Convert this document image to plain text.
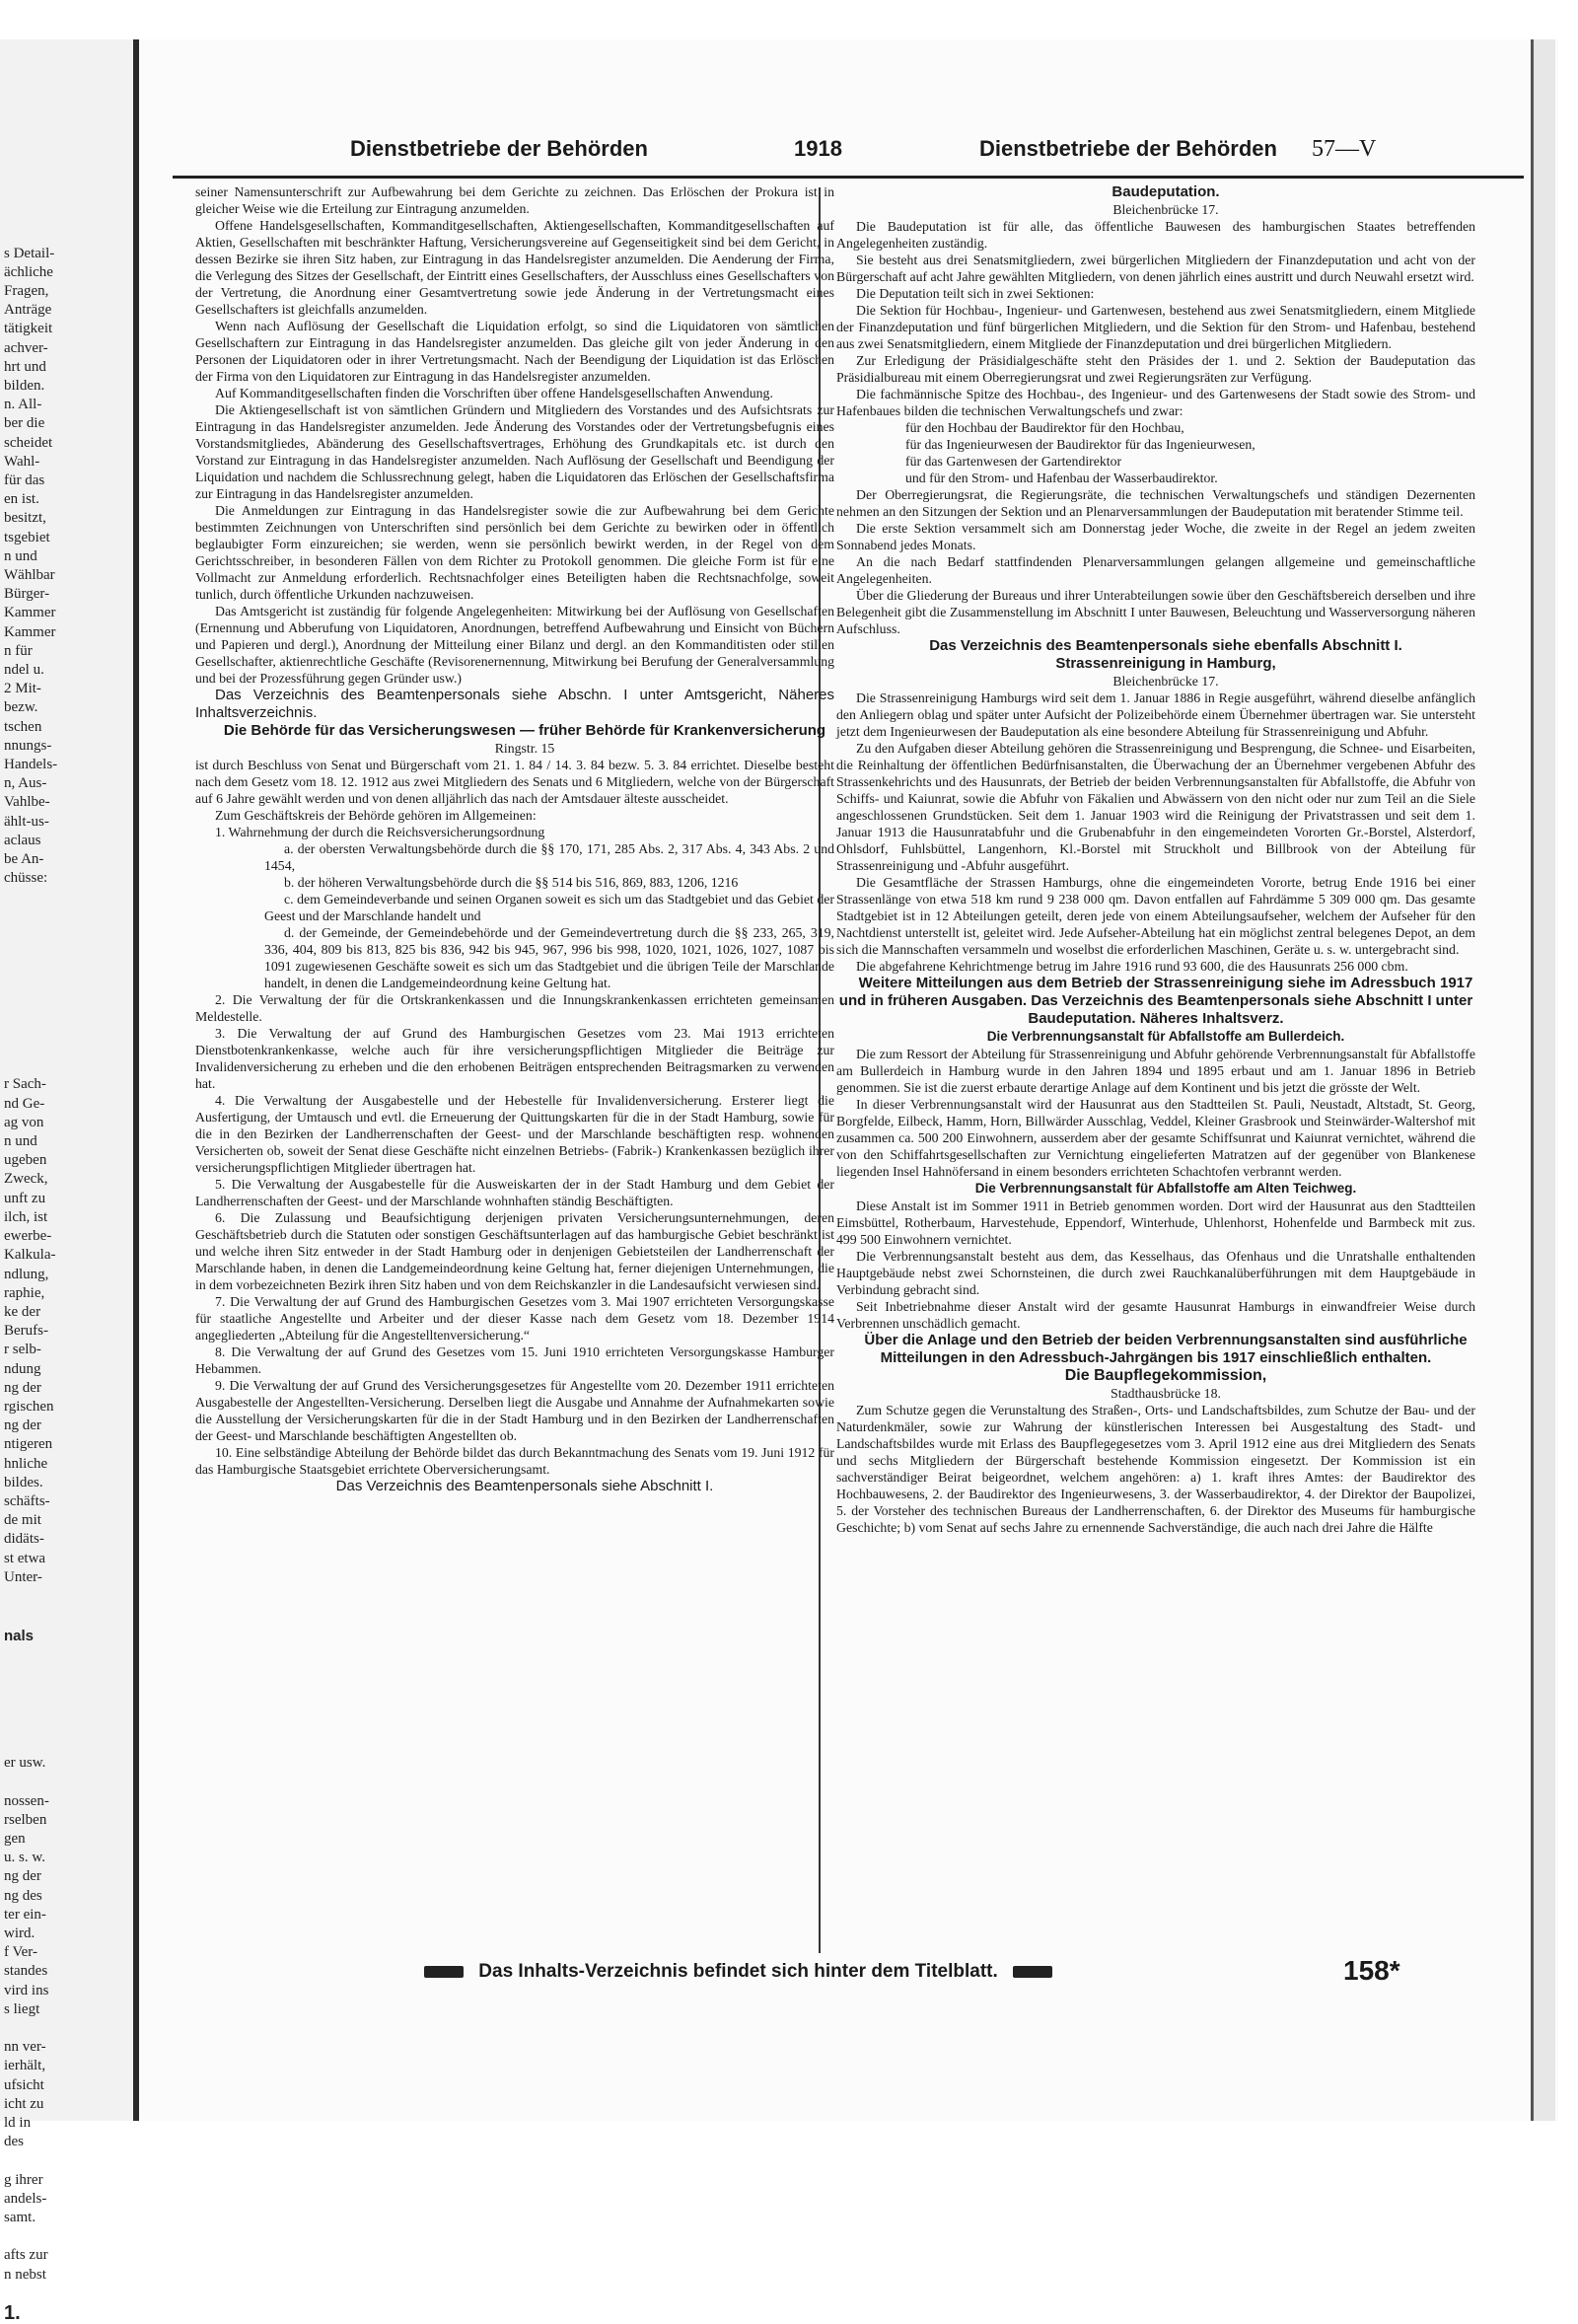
s Detail-
ächliche
Fragen,
Anträge
tätigkeit
achver-
hrt und
bilden.
n. All-
ber die
scheidet
Wahl-
für das
en ist.
besitzt,
tsgebiet
n und
Wählbar
Bürger-
Kammer
Kammer
n für
ndel u.
2 Mit-
bezw.
tschen
nnungs-
Handels-
n, Aus-
Vahlbe-
ählt-us-
aclaus
be An-
chüsse:
r Sach-
nd Ge-
ag von
n und
ugeben
Zweck,
unft zu
ilch, ist
ewerbe-
Kalkula-
ndlung,
raphie,
ke der
Berufs-
r selb-
ndung
ng der
rgischen
ng der
ntigeren
hnliche
bildes.
schäfts-
de mit
didäts-
st etwa
Unter-
nals
er usw.
nossen-
rselben
gen
u. s. w.
ng der
ng des
ter ein-
wird.
f Ver-
standes
vird ins
s liegt
nn ver-
ierhält,
ufsicht
icht zu
ld in
des
g ihrer
andels-
samt.
afts zur
n nebst
1.
Dienstbetriebe der Behörden	1918	Dienstbetriebe der Behörden 57—V

seiner Namensunterschrift zur Aufbewahrung bei dem Gerichte zu zeichnen. Das Erlöschen der Prokura ist in gleicher Weise wie die Erteilung zur Eintragung anzumelden.

Offene Handelsgesellschaften, Kommanditgesellschaften, Aktiengesellschaften, Kommanditgesellschaften auf Aktien, Gesellschaften mit beschränkter Haftung, Versicherungsvereine auf Gegenseitigkeit sind bei dem Gericht, in dessen Bezirke sie ihren Sitz haben, zur Eintragung in das Handelsregister anzumelden. Die Aenderung der Firma, die Verlegung des Sitzes der Gesellschaft, der Eintritt eines Gesellschafters, der Ausschluss eines Gesellschafters von der Vertretung, die Anordnung einer Gesamtvertretung sowie jede Änderung in der Vertretungsmacht eines Gesellschafters ist gleichfalls anzumelden.

Wenn nach Auflösung der Gesellschaft die Liquidation erfolgt, so sind die Liquidatoren von sämtlichen Gesellschaftern zur Eintragung in das Handelsregister anzumelden. Das gleiche gilt von jeder Änderung in den Personen der Liquidatoren oder in ihrer Vertretungsmacht. Nach der Beendigung der Liquidation ist das Erlöschen der Firma von den Liquidatoren zur Eintragung in das Handelsregister anzumelden.

Auf Kommanditgesellschaften finden die Vorschriften über offene Handelsgesellschaften Anwendung.

Die Aktiengesellschaft ist von sämtlichen Gründern und Mitgliedern des Vorstandes und des Aufsichtsrats zur Eintragung in das Handelsregister anzumelden. Jede Änderung des Vorstandes oder der Vertretungsbefugnis eines Vorstandsmitgliedes, Abänderung des Gesellschaftsvertrages, Erhöhung des Grundkapitals etc. ist durch den Vorstand zur Eintragung in das Handelsregister anzumelden. Nach Auflösung der Gesellschaft und Beendigung der Liquidation und nachdem die Schlussrechnung gelegt, haben die Liquidatoren das Erlöschen der Gesellschaftsfirma zur Eintragung in das Handelsregister anzumelden.

Die Anmeldungen zur Eintragung in das Handelsregister sowie die zur Aufbewahrung bei dem Gerichte bestimmten Zeichnungen von Unterschriften sind persönlich bei dem Gerichte zu bewirken oder in öffentlich beglaubigter Form einzureichen; sie werden, wenn sie persönlich bewirkt werden, in der Regel von dem Gerichtsschreiber, in besonderen Fällen von dem Richter zu Protokoll genommen. Die gleiche Form ist für eine Vollmacht zur Anmeldung erforderlich. Rechtsnachfolger eines Beteiligten haben die Rechtsnachfolge, soweit tunlich, durch öffentliche Urkunden nachzuweisen.

Das Amtsgericht ist zuständig für folgende Angelegenheiten: Mitwirkung bei der Auflösung von Gesellschaften (Ernennung und Abberufung von Liquidatoren, Anordnungen, betreffend Aufbewahrung und Einsicht von Büchern und Papieren und dergl.), Anordnung der Mitteilung einer Bilanz und dergl. an den Kommanditisten oder stillen Gesellschafter, aktienrechtliche Geschäfte (Revisorenernennung, Mitwirkung bei Berufung der Generalversammlung und bei der Prozessführung gegen Gründer usw.)

Das Verzeichnis des Beamtenpersonals siehe Abschn. I unter Amtsgericht, Näheres Inhaltsverzeichnis.

Die Behörde für das Versicherungswesen — früher Behörde für Krankenversicherung

Ringstr. 15

ist durch Beschluss von Senat und Bürgerschaft vom 21. 1. 84 / 14. 3. 84 bezw. 5. 3. 84 errichtet. Dieselbe besteht nach dem Gesetz vom 18. 12. 1912 aus zwei Mitgliedern des Senats und 6 Mitgliedern, welche von der Bürgerschaft auf 6 Jahre gewählt werden und von denen alljährlich das nach der Amtsdauer älteste ausscheidet.

Zum Geschäftskreis der Behörde gehören im Allgemeinen:

1. Wahrnehmung der durch die Reichsversicherungsordnung

a. der obersten Verwaltungsbehörde durch die §§ 170, 171, 285 Abs. 2, 317 Abs. 4, 343 Abs. 2 und 1454,

b. der höheren Verwaltungsbehörde durch die §§ 514 bis 516, 869, 883, 1206, 1216

c. dem Gemeindeverbande und seinen Organen soweit es sich um das Stadtgebiet und das Gebiet der Geest und der Marschlande handelt und

d. der Gemeinde, der Gemeindebehörde und der Gemeindevertretung durch die §§ 233, 265, 319, 336, 404, 809 bis 813, 825 bis 836, 942 bis 945, 967, 996 bis 998, 1020, 1021, 1026, 1027, 1087 bis 1091 zugewiesenen Geschäfte soweit es sich um das Stadtgebiet und die übrigen Teile der Marschlande handelt, in denen die Landgemeindeordnung keine Geltung hat.

2. Die Verwaltung der für die Ortskrankenkassen und die Innungskrankenkassen errichteten gemeinsamen Meldestelle.

3. Die Verwaltung der auf Grund des Hamburgischen Gesetzes vom 23. Mai 1913 errichteten Dienstbotenkrankenkasse, welche auch für ihre versicherungspflichtigen Mitglieder die Beiträge zur Invalidenversicherung zu erheben und die den erhobenen Beiträgen entsprechenden Beitragsmarken zu verwenden hat.

4. Die Verwaltung der Ausgabestelle und der Hebestelle für Invalidenversicherung. Ersterer liegt die Ausfertigung, der Umtausch und evtl. die Erneuerung der Quittungskarten für die in der Stadt Hamburg, sowie für die in den Bezirken der Landherrenschaften der Geest- und der Marschlande beschäftigten resp. wohnenden Versicherten ob, soweit der Senat diese Geschäfte nicht einzelnen Betriebs- (Fabrik-) Krankenkassen bezüglich ihrer versicherungspflichtigen Mitglieder übertragen hat.

5. Die Verwaltung der Ausgabestelle für die Ausweiskarten der in der Stadt Hamburg und dem Gebiet der Landherrenschaften der Geest- und der Marschlande wohnhaften ständig Beschäftigten.

6. Die Zulassung und Beaufsichtigung derjenigen privaten Versicherungsunternehmungen, deren Geschäftsbetrieb durch die Statuten oder sonstigen Geschäftsunterlagen auf das hamburgische Gebiet beschränkt ist und welche ihren Sitz entweder in der Stadt Hamburg oder in denjenigen Gebietsteilen der Landherrenschaft der Marschlande haben, in denen die Landgemeindeordnung keine Geltung hat, ferner diejenigen Unternehmungen, die in dem vorbezeichneten Bezirk ihren Sitz haben und von dem Reichskanzler in die Landesaufsicht verwiesen sind.

7. Die Verwaltung der auf Grund des Hamburgischen Gesetzes vom 3. Mai 1907 errichteten Versorgungskasse für staatliche Angestellte und Arbeiter und der dieser Kasse nach dem Gesetz vom 18. Dezember 1914 angegliederten „Abteilung für die Angestelltenversicherung.“

8. Die Verwaltung der auf Grund des Gesetzes vom 15. Juni 1910 errichteten Versorgungskasse Hamburger Hebammen.

9. Die Verwaltung der auf Grund des Versicherungsgesetzes für Angestellte vom 20. Dezember 1911 errichteten Ausgabestelle der Angestellten-Versicherung. Derselben liegt die Ausgabe und Annahme der Aufnahmekarten sowie die Ausstellung der Versicherungskarten für die in der Stadt Hamburg und in den Bezirken der Landherrenschaften der Geest- und Marschlande beschäftigten Angestellten ob.

10. Eine selbständige Abteilung der Behörde bildet das durch Bekanntmachung des Senats vom 19. Juni 1912 für das Hamburgische Staatsgebiet errichtete Oberversicherungsamt.

Das Verzeichnis des Beamtenpersonals siehe Abschnitt I.

Baudeputation.

Bleichenbrücke 17.

Die Baudeputation ist für alle, das öffentliche Bauwesen des hamburgischen Staates betreffenden Angelegenheiten zuständig.

Sie besteht aus drei Senatsmitgliedern, zwei bürgerlichen Mitgliedern der Finanzdeputation und acht von der Bürgerschaft auf acht Jahre gewählten Mitgliedern, von denen jährlich eines austritt und durch Neuwahl ersetzt wird.

Die Deputation teilt sich in zwei Sektionen:

Die Sektion für Hochbau-, Ingenieur- und Gartenwesen, bestehend aus zwei Senatsmitgliedern, einem Mitgliede der Finanzdeputation und fünf bürgerlichen Mitgliedern, und die Sektion für den Strom- und Hafenbau, bestehend aus zwei Senatsmitgliedern, einem Mitgliede der Finanzdeputation und drei bürgerlichen Mitgliedern.

Zur Erledigung der Präsidialgeschäfte steht den Präsides der 1. und 2. Sektion der Baudeputation das Präsidialbureau mit einem Oberregierungsrat und zwei Regierungsräten zur Verfügung.

Die fachmännische Spitze des Hochbau-, des Ingenieur- und des Gartenwesens der Stadt sowie des Strom- und Hafenbaues bilden die technischen Verwaltungschefs und zwar:

für den Hochbau der Baudirektor für den Hochbau,

für das Ingenieurwesen der Baudirektor für das Ingenieurwesen,

für das Gartenwesen der Gartendirektor

und für den Strom- und Hafenbau der Wasserbaudirektor.

Der Oberregierungsrat, die Regierungsräte, die technischen Verwaltungschefs und ständigen Dezernenten nehmen an den Sitzungen der Sektion und an Plenarversammlungen der Baudeputation mit beratender Stimme teil.

Die erste Sektion versammelt sich am Donnerstag jeder Woche, die zweite in der Regel an jedem zweiten Sonnabend jedes Monats.

An die nach Bedarf stattfindenden Plenarversammlungen gelangen allgemeine und gemeinschaftliche Angelegenheiten.

Über die Gliederung der Bureaus und ihrer Unterabteilungen sowie über den Geschäftsbereich derselben und ihre Belegenheit gibt die Zusammenstellung im Abschnitt I unter Bauwesen, Beleuchtung und Wasserversorgung näheren Aufschluss.

Das Verzeichnis des Beamtenpersonals siehe ebenfalls Abschnitt I.

Strassenreinigung in Hamburg,

Bleichenbrücke 17.

Die Strassenreinigung Hamburgs wird seit dem 1. Januar 1886 in Regie ausgeführt, während dieselbe anfänglich den Anliegern oblag und später unter Aufsicht der Polizeibehörde einem Übernehmer übertragen war. Sie untersteht jetzt dem Ingenieurwesen der Baudeputation als eine besondere Abteilung für Strassenreinigung und Abfuhr.

Zu den Aufgaben dieser Abteilung gehören die Strassenreinigung und Besprengung, die Schnee- und Eisarbeiten, die Reinhaltung der öffentlichen Bedürfnisanstalten, die Überwachung der an Übernehmer vergebenen Abfuhr des Strassenkehrichts und des Hausunrats, der Betrieb der beiden Verbrennungsanstalten für Abfallstoffe, die Abfuhr von Schiffs- und Kaiunrat, sowie die Abfuhr von Fäkalien und Abwässern von den nicht oder nur zum Teil an die Siele angeschlossenen Grundstücken. Seit dem 1. Januar 1903 wird die Reinigung der Privatstrassen und seit dem 1. Januar 1913 die Hausunratabfuhr und die Grubenabfuhr in den eingemeindeten Vororten Gr.-Borstel, Alsterdorf, Ohlsdorf, Fuhlsbüttel, Langenhorn, Kl.-Borstel mit Struckholt und Billbrook von der Abteilung für Strassenreinigung und -Abfuhr ausgeführt.

Die Gesamtfläche der Strassen Hamburgs, ohne die eingemeindeten Vororte, betrug Ende 1916 bei einer Strassenlänge von etwa 518 km rund 9 238 000 qm. Davon entfallen auf Fahrdämme 5 309 000 qm. Das gesamte Stadtgebiet ist in 12 Abteilungen geteilt, deren jede von einem Abteilungsaufseher, welchem der Aufseher für den Nachtdienst unterstellt ist, geleitet wird. Jede Aufseher-Abteilung hat ein möglichst zentral belegenes Depot, an dem sich die Mannschaften versammeln und woselbst die erforderlichen Maschinen, Geräte u. s. w. untergebracht sind.

Die abgefahrene Kehrichtmenge betrug im Jahre 1916 rund 93 600, die des Hausunrats 256 000 cbm.

Weitere Mitteilungen aus dem Betrieb der Strassenreinigung siehe im Adressbuch 1917 und in früheren Ausgaben. Das Verzeichnis des Beamtenpersonals siehe Abschnitt I unter Baudeputation. Näheres Inhaltsverz.

Die Verbrennungsanstalt für Abfallstoffe am Bullerdeich.

Die zum Ressort der Abteilung für Strassenreinigung und Abfuhr gehörende Verbrennungsanstalt für Abfallstoffe am Bullerdeich in Hamburg wurde in den Jahren 1894 und 1895 erbaut und am 1. Januar 1896 in Betrieb genommen. Sie ist die zuerst erbaute derartige Anlage auf dem Kontinent und bis jetzt die grösste der Welt.

In dieser Verbrennungsanstalt wird der Hausunrat aus den Stadtteilen St. Pauli, Neustadt, Altstadt, St. Georg, Borgfelde, Eilbeck, Hamm, Horn, Billwärder Ausschlag, Veddel, Kleiner Grasbrook und Steinwärder-Waltershof mit zusammen ca. 500 200 Einwohnern, ausserdem aber der gesamte Schiffsunrat und Kaiunrat vernichtet, während die von den Schiffahrtsgesellschaften zur Vernichtung eingelieferten Matratzen auf der gegenüber von Blankenese liegenden Insel Hahnöfersand in einem besonders errichteten Schachtofen verbrannt werden.

Die Verbrennungsanstalt für Abfallstoffe am Alten Teichweg.

Diese Anstalt ist im Sommer 1911 in Betrieb genommen worden. Dort wird der Hausunrat aus den Stadtteilen Eimsbüttel, Rotherbaum, Harvestehude, Eppendorf, Winterhude, Uhlenhorst, Hohenfelde und Barmbeck mit zus. 499 500 Einwohnern vernichtet.

Die Verbrennungsanstalt besteht aus dem, das Kesselhaus, das Ofenhaus und die Unratshalle enthaltenden Hauptgebäude nebst zwei Schornsteinen, die durch zwei Rauchkanalüberführungen mit dem Hauptgebäude in Verbindung gebracht sind.

Seit Inbetriebnahme dieser Anstalt wird der gesamte Hausunrat Hamburgs in einwandfreier Weise durch Verbrennen unschädlich gemacht.

Über die Anlage und den Betrieb der beiden Verbrennungsanstalten sind ausführliche Mitteilungen in den Adressbuch-Jahrgängen bis 1917 einschließlich enthalten.

Die Baupflegekommission,

Stadthausbrücke 18.

Zum Schutze gegen die Verunstaltung des Straßen-, Orts- und Landschaftsbildes, zum Schutze der Bau- und der Naturdenkmäler, sowie zur Wahrung der künstlerischen Interessen bei Ausgestaltung des Stadt- und Landschaftsbildes wurde mit Erlass des Baupflegegesetzes vom 3. April 1912 eine aus drei Mitgliedern des Senats und sechs Mitgliedern der Bürgerschaft bestehende Kommission eingesetzt. Der Kommission ist ein sachverständiger Beirat beigeordnet, welchem angehören: a) 1. kraft ihres Amtes: der Baudirektor des Hochbauwesens, 2. der Baudirektor des Ingenieurwesens, 3. der Wasserbaudirektor, 4. der Direktor der Baupolizei, 5. der Vorsteher des technischen Bureaus der Landherrenschaften, 6. der Direktor des Museums für hamburgische Geschichte; b) vom Senat auf sechs Jahre zu ernennende Sachverständige, die auch nach drei Jahre die Hälfte

Das Inhalts-Verzeichnis befindet sich hinter dem Titelblatt.	158*
